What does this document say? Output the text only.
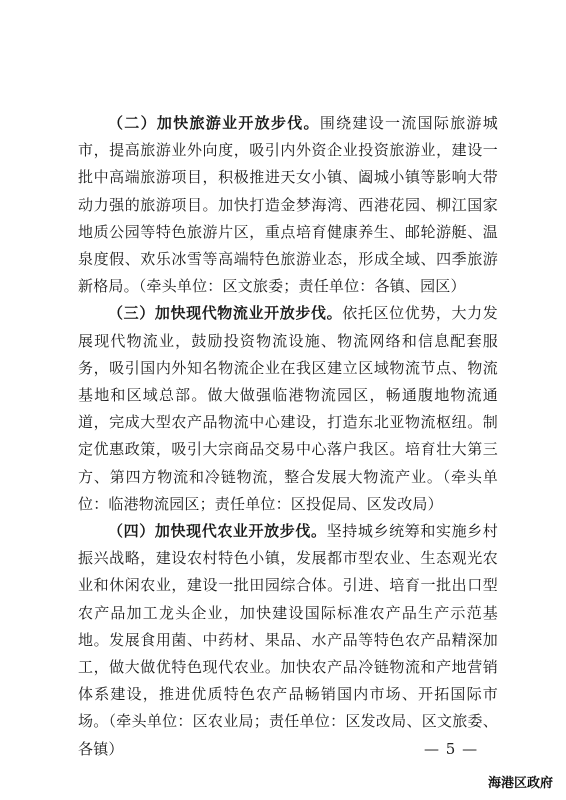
（二）加快旅游业开放步伐。围绕建设一流国际旅游城市，提高旅游业外向度，吸引内外资企业投资旅游业，建设一批中高端旅游项目，积极推进天女小镇、阖城小镇等影响大带动力强的旅游项目。加快打造金梦海湾、西港花园、柳江国家地质公园等特色旅游片区，重点培育健康养生、邮轮游艇、温泉度假、欢乐冰雪等高端特色旅游业态，形成全域、四季旅游新格局。（牵头单位：区文旅委；责任单位：各镇、园区）

（三）加快现代物流业开放步伐。依托区位优势，大力发展现代物流业，鼓励投资物流设施、物流网络和信息配套服务，吸引国内外知名物流企业在我区建立区域物流节点、物流基地和区域总部。做大做强临港物流园区，畅通腹地物流通道，完成大型农产品物流中心建设，打造东北亚物流枢纽。制定优惠政策，吸引大宗商品交易中心落户我区。培育壮大第三方、第四方物流和冷链物流，整合发展大物流产业。（牵头单位：临港物流园区；责任单位：区投促局、区发改局）

（四）加快现代农业开放步伐。坚持城乡统筹和实施乡村振兴战略，建设农村特色小镇，发展都市型农业、生态观光农业和休闲农业，建设一批田园综合体。引进、培育一批出口型农产品加工龙头企业，加快建设国际标准农产品生产示范基地。发展食用菌、中药材、果品、水产品等特色农产品精深加工，做大做优特色现代农业。加快农产品冷链物流和产地营销体系建设，推进优质特色农产品畅销国内市场、开拓国际市场。（牵头单位：区农业局；责任单位：区发改局、区文旅委、各镇）	— 5 —
海港区政府
